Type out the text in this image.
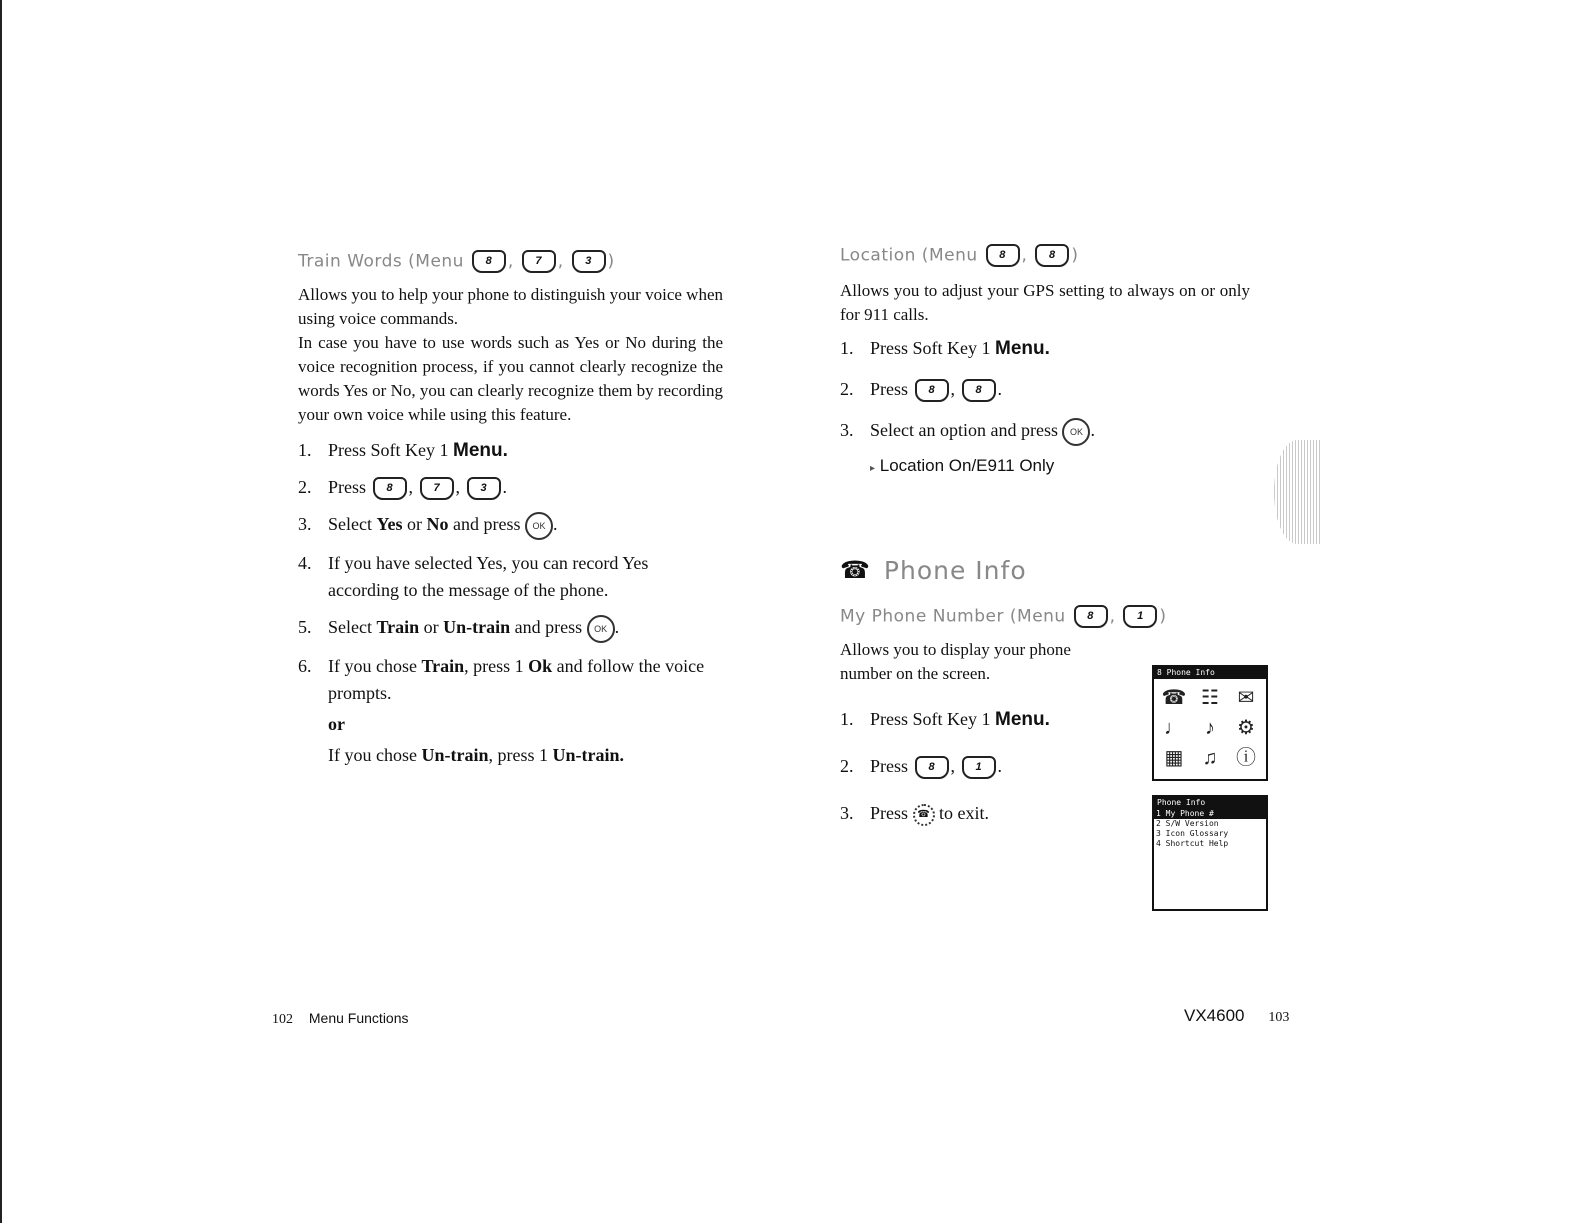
Train Words (Menu 8 , 7 , 3 )

Allows you to help your phone to distinguish your voice when using voice commands.

In case you have to use words such as Yes or No during the voice recognition process, if you cannot clearly recognize the words Yes or No, you can clearly recognize them by recording your own voice while using this feature.

1. Press Soft Key 1 Menu.
2. Press 8 , 7 , 3 .
3. Select Yes or No and press OK .
4. If you have selected Yes, you can record Yes according to the message of the phone.
5. Select Train or Un-train and press OK .
6. If you chose Train, press 1 Ok and follow the voice prompts.
or
If you chose Un-train, press 1 Un-train.
Location (Menu 8 , 8 )

Allows you to adjust your GPS setting to always on or only for 911 calls.

1. Press Soft Key 1 Menu.
2. Press 8 , 8 .
3. Select an option and press OK .
▸ Location On/E911 Only
☎ Phone Info
My Phone Number (Menu 8 , 1 )

Allows you to display your phone number on the screen.

1. Press Soft Key 1 Menu.
2. Press 8 , 1 .
3. Press ☎ to exit.
8 Phone Info
☎ ☷ ✉
♩	♪	⚙
▦ ♫ ⓘ
Phone Info
1 My Phone #
2 S/W Version
3 Icon Glossary
4 Shortcut Help
102 Menu Functions	VX4600 103
